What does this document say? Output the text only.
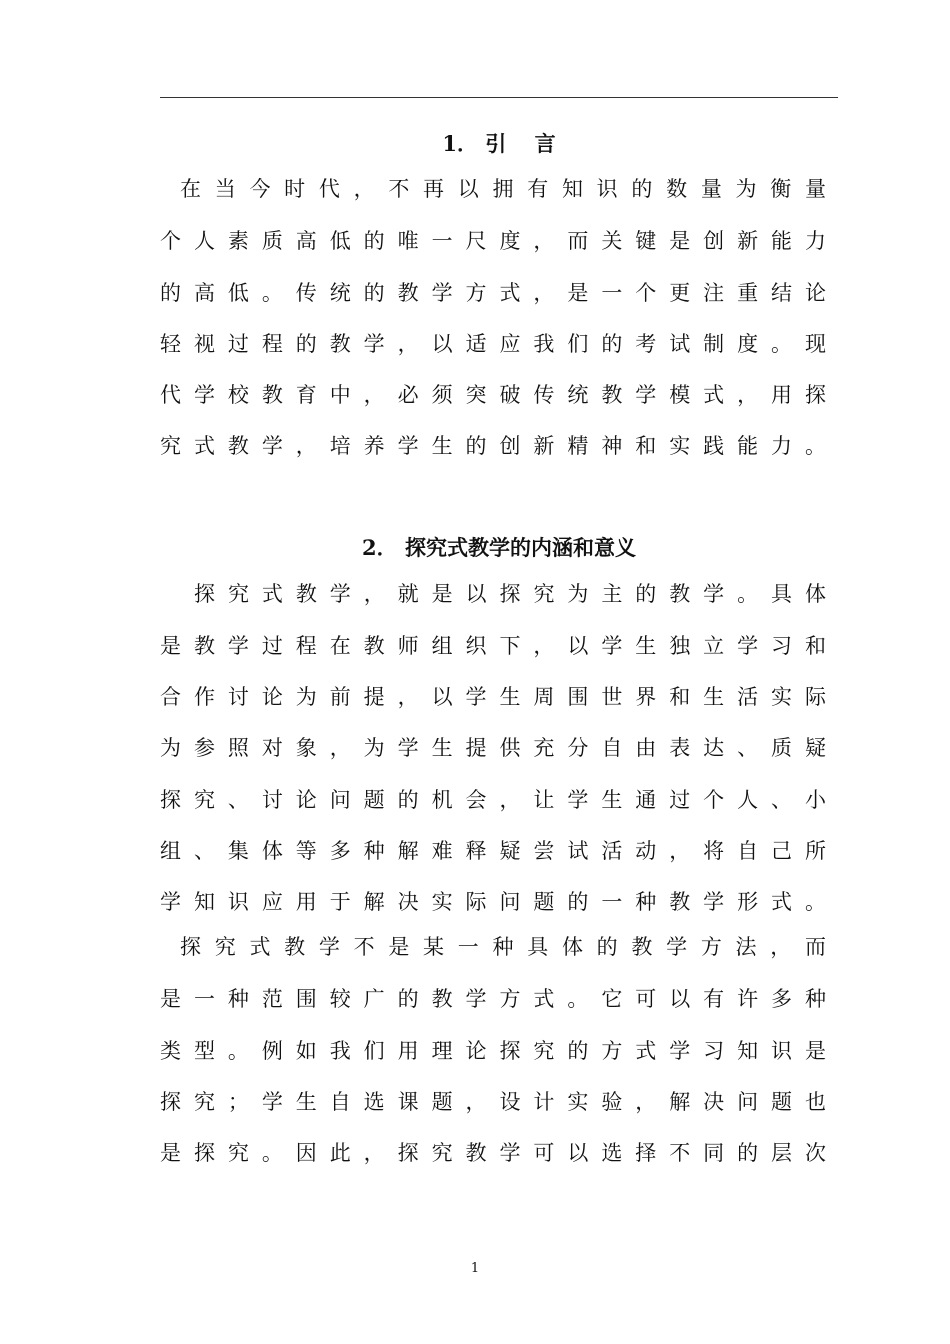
1． 引　 言
在当今时代，不再以拥有知识的数量为衡量
个人素质高低的唯一尺度，而关键是创新能力
的高低。传统的教学方式，是一个更注重结论
轻视过程的教学，以适应我们的考试制度。现
代学校教育中，必须突破传统教学模式，用探
究式教学，培养学生的创新精神和实践能力。
2． 探究式教学的内涵和意义
探究式教学，就是以探究为主的教学。具体
是教学过程在教师组织下，以学生独立学习和
合作讨论为前提，以学生周围世界和生活实际
为参照对象，为学生提供充分自由表达、质疑
探究、讨论问题的机会，让学生通过个人、小
组、集体等多种解难释疑尝试活动，将自己所
学知识应用于解决实际问题的一种教学形式。
探究式教学不是某一种具体的教学方法，而
是一种范围较广的教学方式。它可以有许多种
类型。例如我们用理论探究的方式学习知识是
探究；学生自选课题，设计实验，解决问题也
是探究。因此，探究教学可以选择不同的层次
1
